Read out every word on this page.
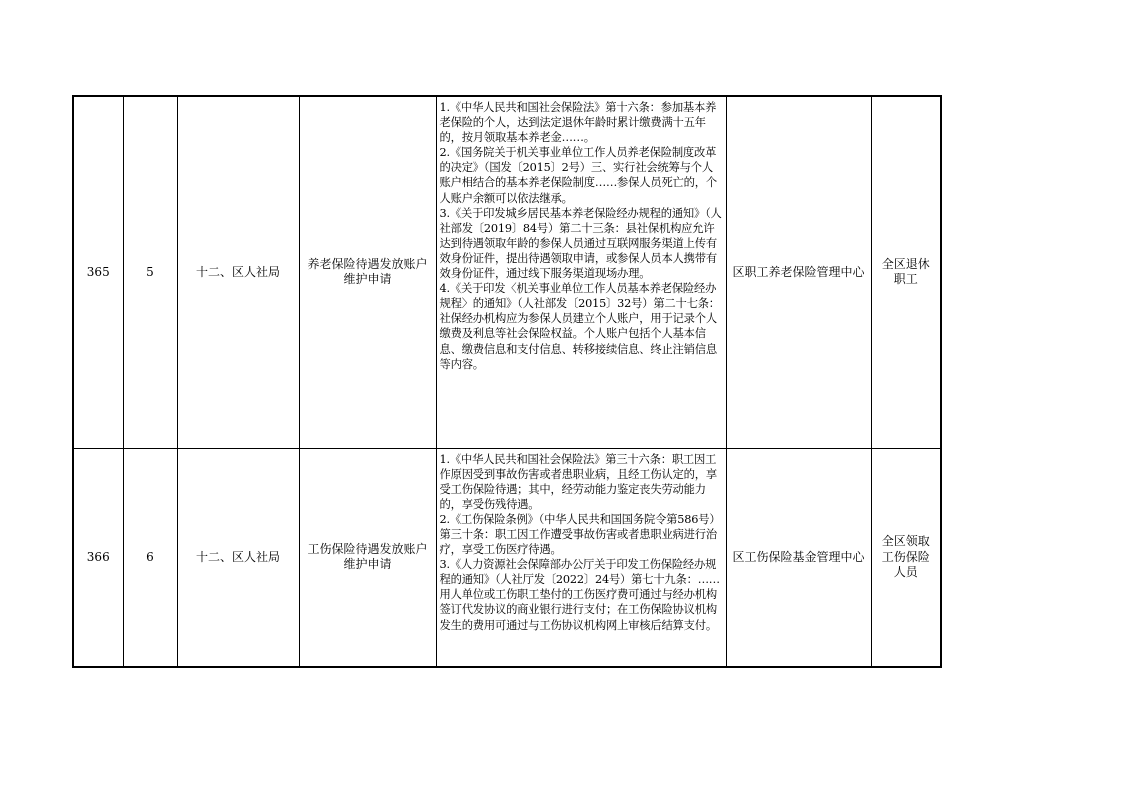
365	5	十二、区人社局	养老保险待遇发放账户维护申请	1.《中华人民共和国社会保险法》第十六条：参加基本养老保险的个人，达到法定退休年龄时累计缴费满十五年的，按月领取基本养老金……。
2.《国务院关于机关事业单位工作人员养老保险制度改革的决定》（国发〔2015〕2号）三、实行社会统筹与个人账户相结合的基本养老保险制度……参保人员死亡的，个人账户余额可以依法继承。
3.《关于印发城乡居民基本养老保险经办规程的通知》（人社部发〔2019〕84号）第二十三条：县社保机构应允许达到待遇领取年龄的参保人员通过互联网服务渠道上传有效身份证件，提出待遇领取申请，或参保人员本人携带有效身份证件，通过线下服务渠道现场办理。
4.《关于印发〈机关事业单位工作人员基本养老保险经办规程〉的通知》（人社部发〔2015〕32号）第二十七条：社保经办机构应为参保人员建立个人账户，用于记录个人缴费及利息等社会保险权益。个人账户包括个人基本信息、缴费信息和支付信息、转移接续信息、终止注销信息等内容。	区职工养老保险管理中心	全区退休职工
366	6	十二、区人社局	工伤保险待遇发放账户维护申请	1.《中华人民共和国社会保险法》第三十六条：职工因工作原因受到事故伤害或者患职业病，且经工伤认定的，享受工伤保险待遇；其中，经劳动能力鉴定丧失劳动能力的，享受伤残待遇。
2.《工伤保险条例》（中华人民共和国国务院令第586号）第三十条：职工因工作遭受事故伤害或者患职业病进行治疗，享受工伤医疗待遇。
3.《人力资源社会保障部办公厅关于印发工伤保险经办规程的通知》（人社厅发〔2022〕24号）第七十九条：……用人单位或工伤职工垫付的工伤医疗费可通过与经办机构签订代发协议的商业银行进行支付；在工伤保险协议机构发生的费用可通过与工伤协议机构网上审核后结算支付。	区工伤保险基金管理中心	全区领取工伤保险人员
